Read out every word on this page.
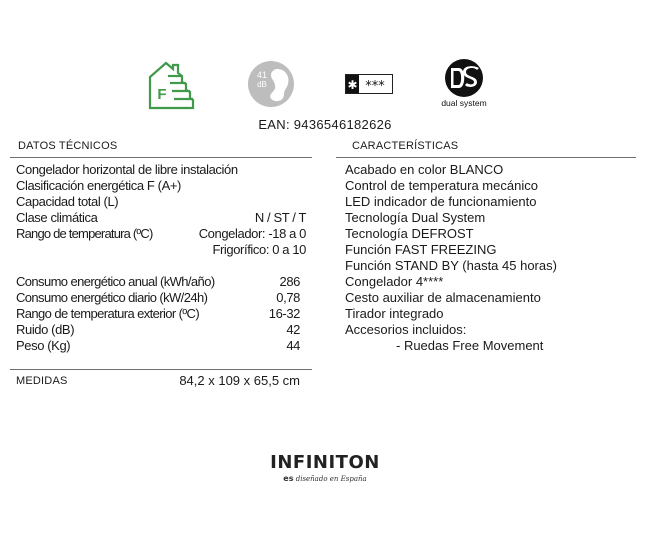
F
41
dB	✱ ***
dual system
EAN: 9436546182626
DATOS TÉCNICOS
Congelador horizontal de libre instalación
Clasificación energética F (A+)
Capacidad total (L)
Clase climática	N / ST / T
Rango de temperatura (ºC)	Congelador: -18 a 0
Frigorífico: 0 a 10
Consumo energético anual (kWh/año)	286
Consumo energético diario (kW/24h)	0,78
Rango de temperatura exterior (ºC)	16-32
Ruido (dB)	42
Peso (Kg)	44
MEDIDAS	84,2 x 109 x 65,5 cm
CARACTERÍSTICAS
Acabado en color BLANCO
Control de temperatura mecánico
LED indicador de funcionamiento
Tecnología Dual System
Tecnología DEFROST
Función FAST FREEZING
Función STAND BY (hasta 45 horas)
Congelador 4****
Cesto auxiliar de almacenamiento
Tirador integrado
Accesorios incluidos:
- Ruedas Free Movement
INFINITON
es diseñado en España
